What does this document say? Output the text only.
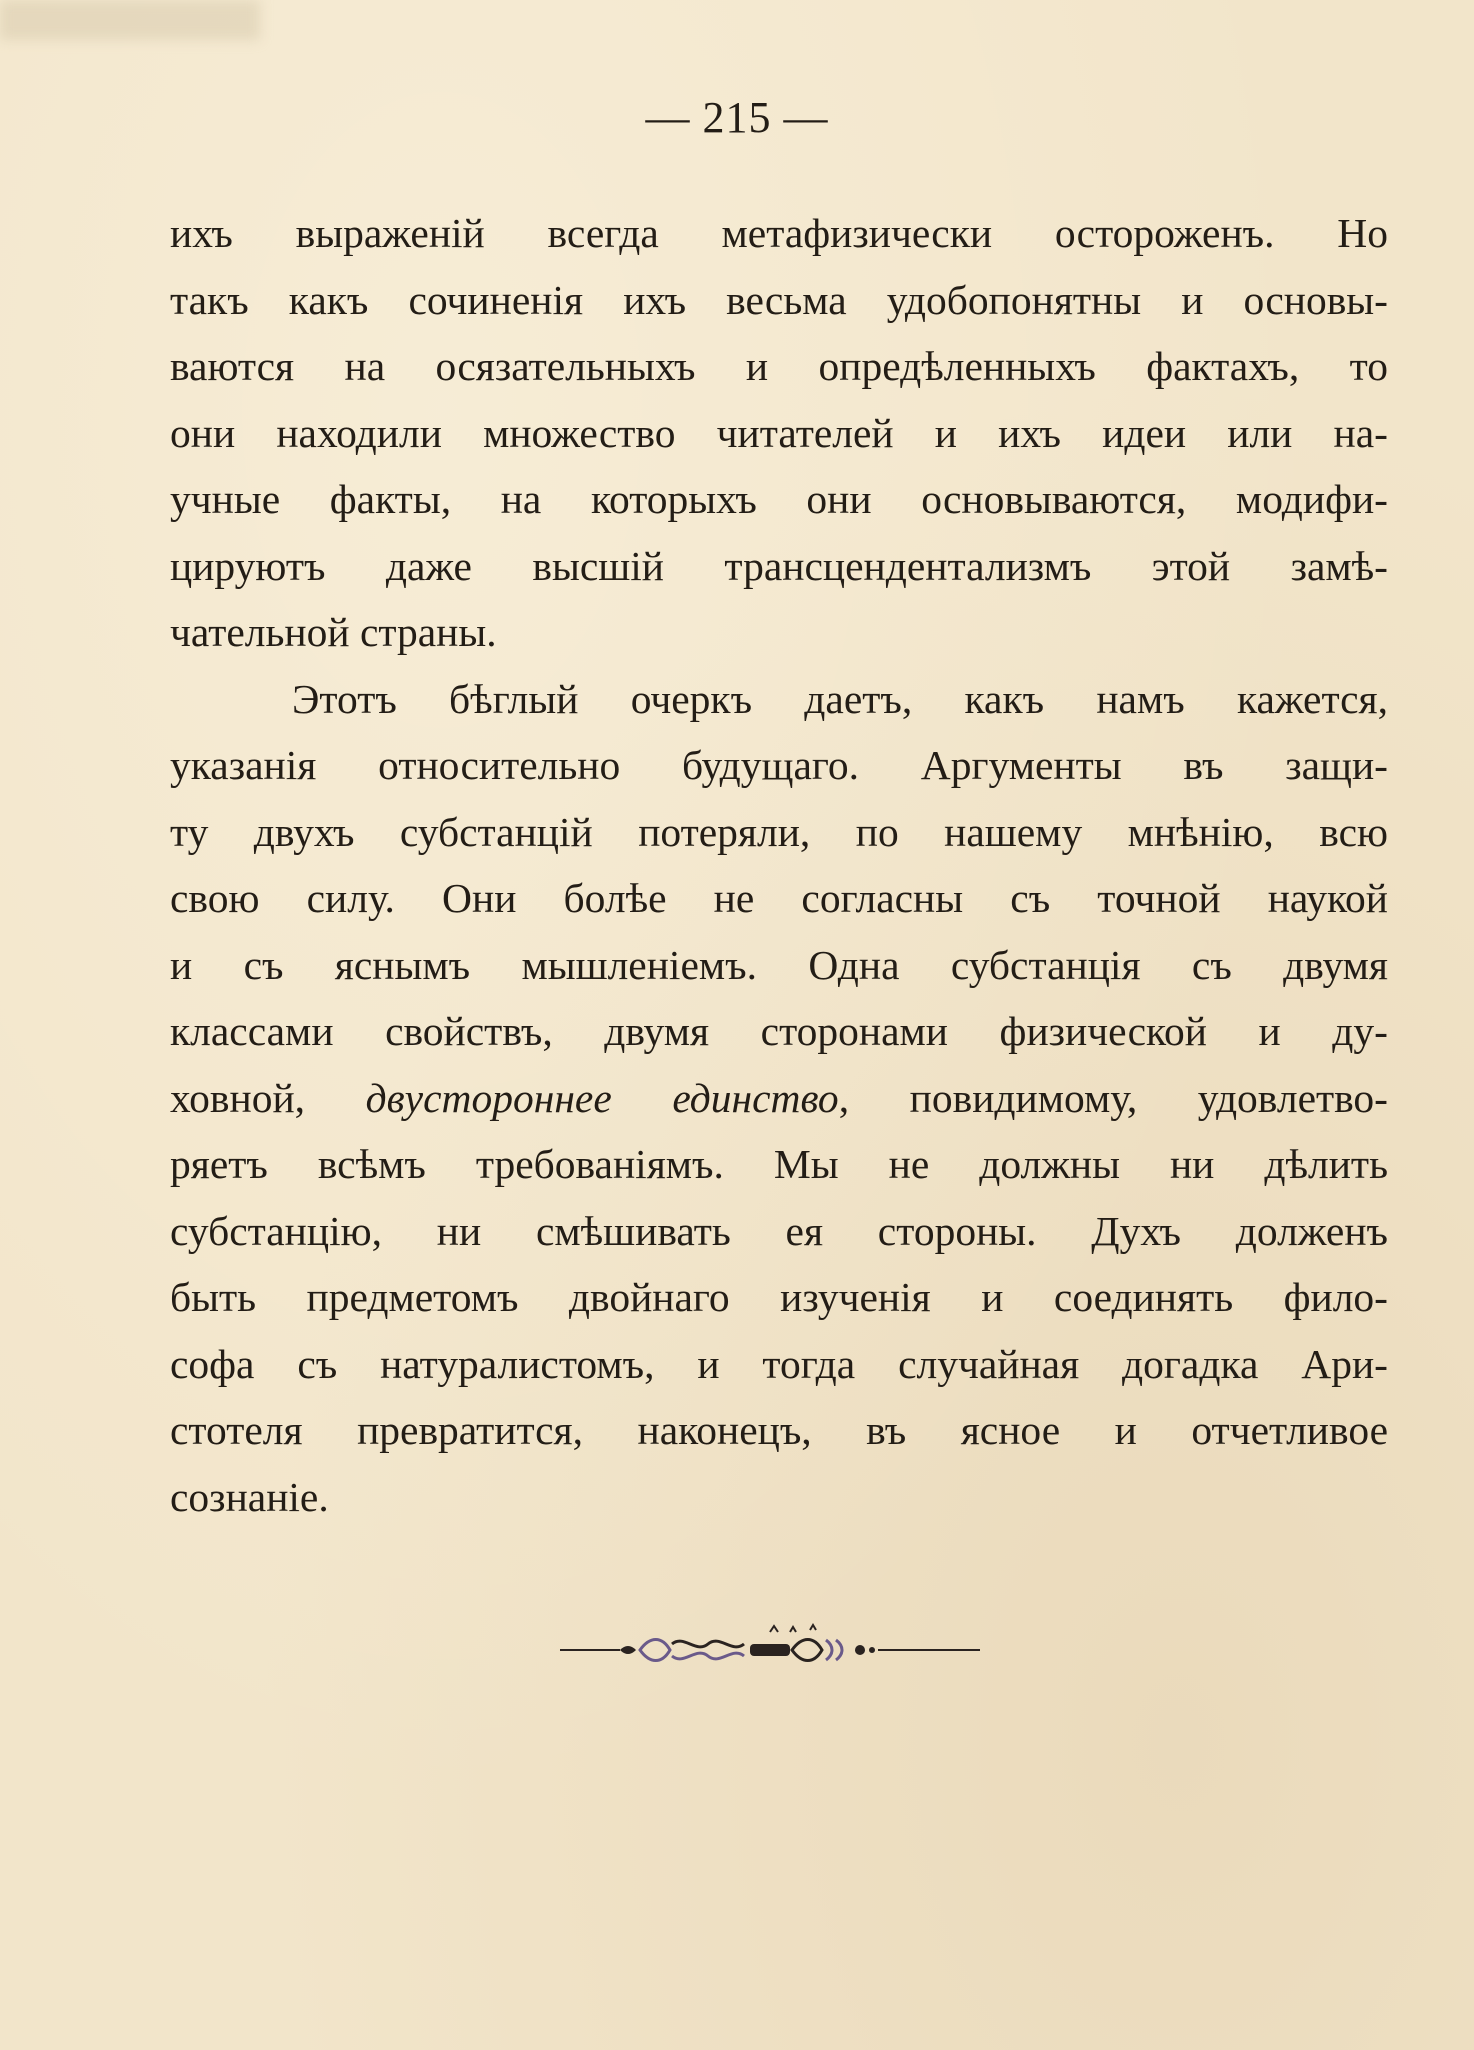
— 215 —
ихъ выраженій всегда метафизически остороженъ. Но
такъ какъ сочиненія ихъ весьма удобопонятны и основы-
ваются на осязательныхъ и опредѣленныхъ фактахъ, то
они находили множество читателей и ихъ идеи или на-
учные факты, на которыхъ они основываются, модифи-
цируютъ даже высшій трансцендентализмъ этой замѣ-
чательной страны.
Этотъ бѣглый очеркъ даетъ, какъ намъ кажется,
указанія относительно будущаго. Аргументы въ защи-
ту двухъ субстанцій потеряли, по нашему мнѣнію, всю
свою силу. Они болѣе не согласны съ точной наукой
и съ яснымъ мышленіемъ. Одна субстанція съ двумя
классами свойствъ, двумя сторонами физической и ду-
ховной, двустороннее единство, повидимому, удовлетво-
ряетъ всѣмъ требованіямъ. Мы не должны ни дѣлить
субстанцію, ни смѣшивать ея стороны. Духъ долженъ
быть предметомъ двойнаго изученія и соединять фило-
софа съ натуралистомъ, и тогда случайная догадка Ари-
стотеля превратится, наконецъ, въ ясное и отчетливое
сознаніе.
